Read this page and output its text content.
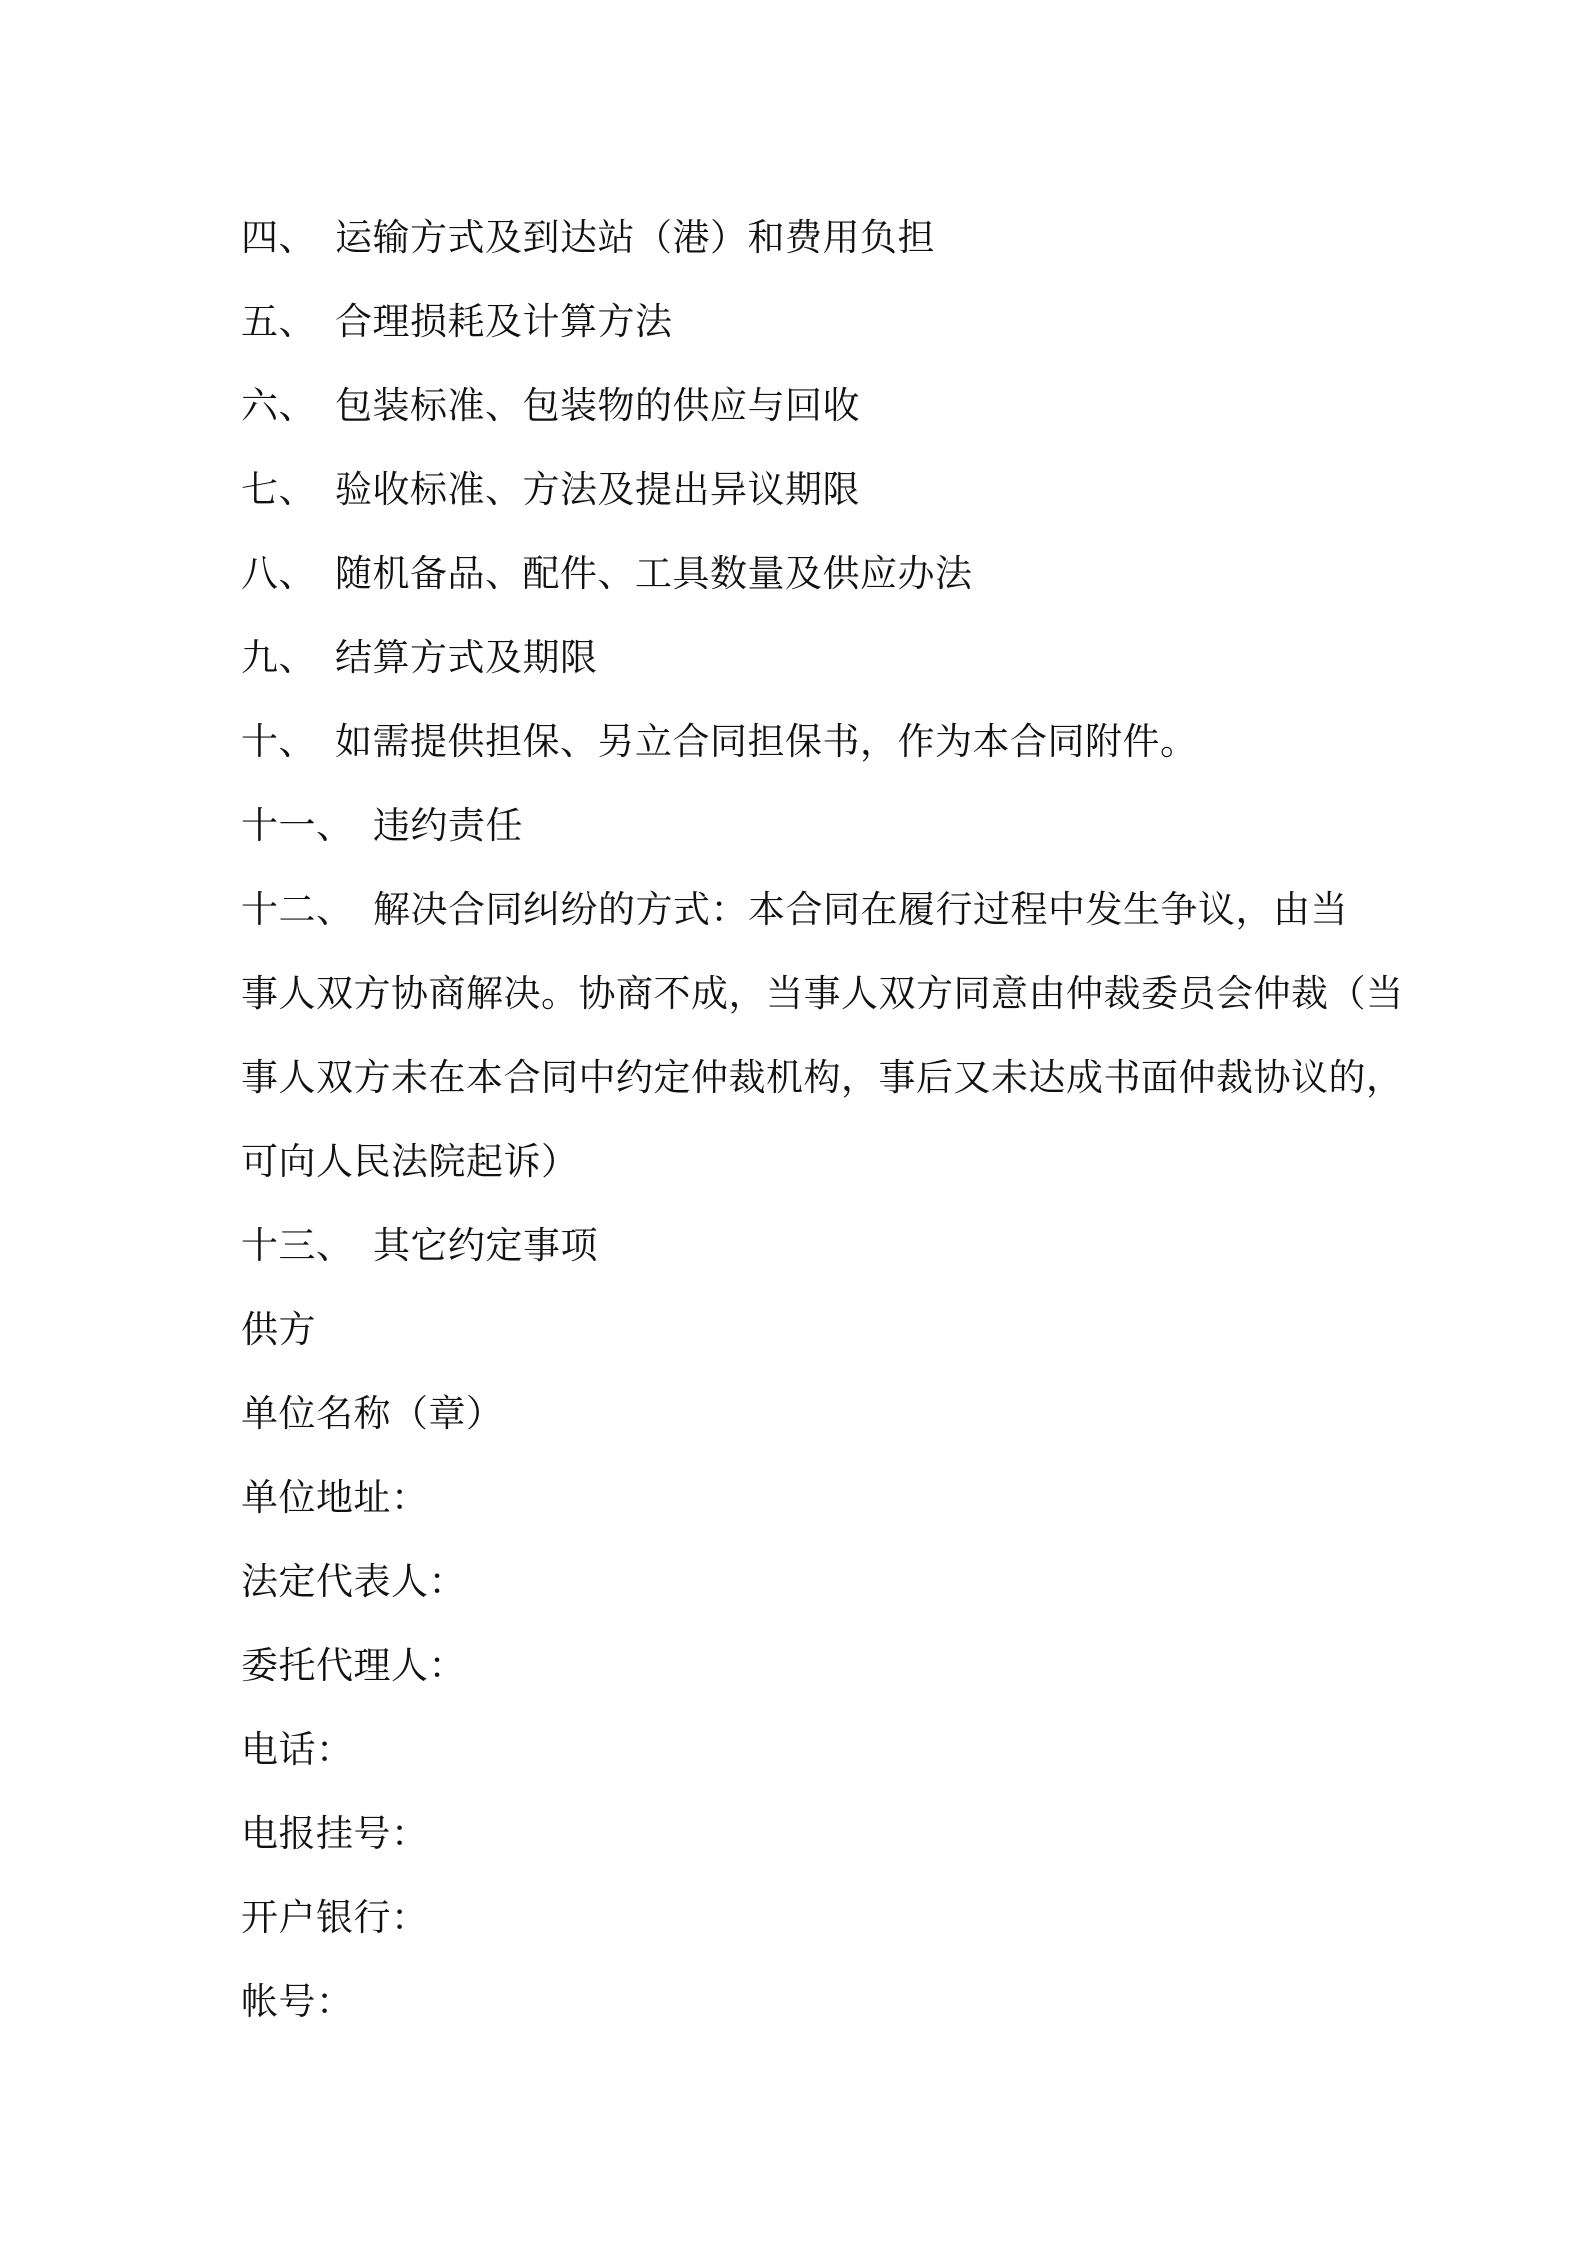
四、 运输方式及到达站（港）和费用负担
五、 合理损耗及计算方法
六、 包装标准、包装物的供应与回收
七、 验收标准、方法及提出异议期限
八、 随机备品、配件、工具数量及供应办法
九、 结算方式及期限
十、 如需提供担保、另立合同担保书，作为本合同附件。
十一、 违约责任
十二、 解决合同纠纷的方式：本合同在履行过程中发生争议，由当
事人双方协商解决。协商不成，当事人双方同意由仲裁委员会仲裁（当
事人双方未在本合同中约定仲裁机构，事后又未达成书面仲裁协议的，
可向人民法院起诉）
十三、 其它约定事项
供方
单位名称（章）
单位地址：
法定代表人：
委托代理人：
电话：
电报挂号：
开户银行：
帐号：
